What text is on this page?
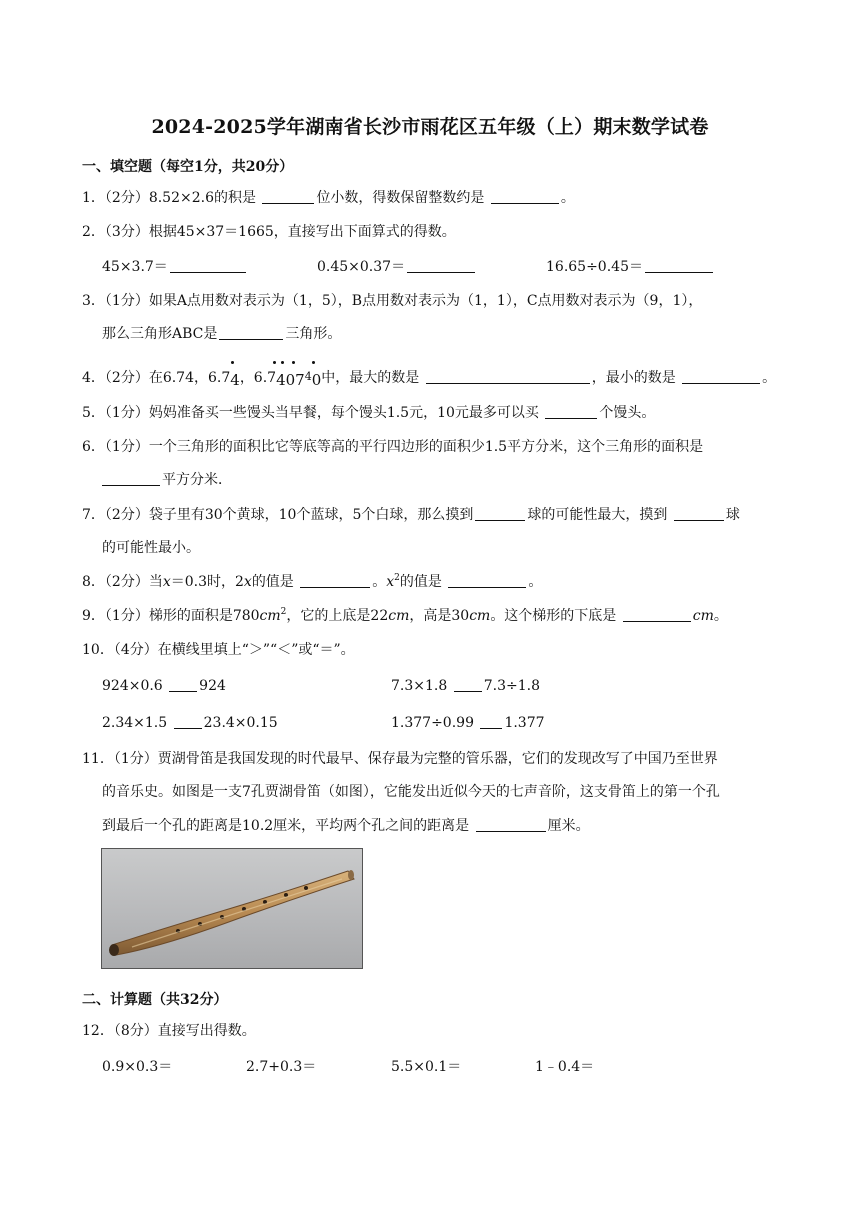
2024-2025学年湖南省长沙市雨花区五年级（上）期末数学试卷
一、填空题（每空1分，共20分）
1．（2分）8.52×2.6的积是	位小数，得数保留整数约是	。
2．（3分）根据45×37＝1665，直接写出下面算式的得数。
45×3.7＝	0.45×0.37＝	16.65÷0.45＝
3．（1分）如果A点用数对表示为（1，5），B点用数对表示为（1，1），C点用数对表示为（9，1），
那么三角形ABC是	三角形。
4．（2分）在6.74，6.74，6.740740中，最大的数是	，最小的数是	。
5．（1分）妈妈准备买一些馒头当早餐，每个馒头1.5元，10元最多可以买	个馒头。
6．（1分）一个三角形的面积比它等底等高的平行四边形的面积少1.5平方分米，这个三角形的面积是
平方分米．
7．（2分）袋子里有30个黄球，10个蓝球，5个白球，那么摸到	球的可能性最大，摸到	球
的可能性最小。
8．（2分）当x＝0.3时，2x的值是	。$x^2$的值是	。
9．（1分）梯形的面积是$780cm^2$，它的上底是22cm，高是30cm。这个梯形的下底是	cm。
10．（4分）在横线里填上“＞”“＜”或“＝”。
924×0.6	924	7.3×1.8	7.3÷1.8
2.34×1.5	23.4×0.15	1.377÷0.99 1.377
11．（1分）贾湖骨笛是我国发现的时代最早、保存最为完整的管乐器，它们的发现改写了中国乃至世界
的音乐史。如图是一支7孔贾湖骨笛（如图），它能发出近似今天的七声音阶，这支骨笛上的第一个孔
到最后一个孔的距离是10.2厘米，平均两个孔之间的距离是	厘米。
二、计算题（共32分）
12．（8分）直接写出得数。
0.9×0.3＝	2.7+0.3＝	5.5×0.1＝	1﹣0.4＝
